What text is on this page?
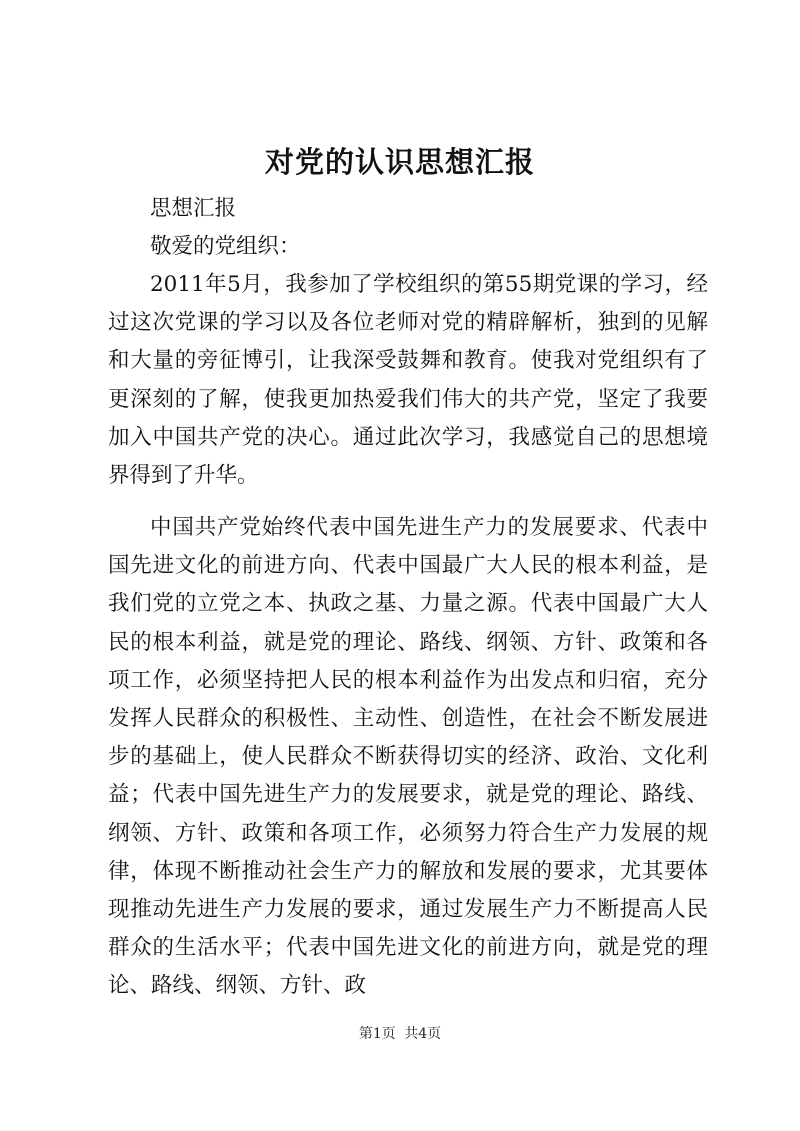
对党的认识思想汇报

思想汇报

敬爱的党组织：

2011年5月，我参加了学校组织的第55期党课的学习，经过这次党课的学习以及各位老师对党的精辟解析，独到的见解和大量的旁征博引，让我深受鼓舞和教育。使我对党组织有了更深刻的了解，使我更加热爱我们伟大的共产党，坚定了我要加入中国共产党的决心。通过此次学习，我感觉自己的思想境界得到了升华。

中国共产党始终代表中国先进生产力的发展要求、代表中国先进文化的前进方向、代表中国最广大人民的根本利益，是我们党的立党之本、执政之基、力量之源。代表中国最广大人民的根本利益，就是党的理论、路线、纲领、方针、政策和各项工作，必须坚持把人民的根本利益作为出发点和归宿，充分发挥人民群众的积极性、主动性、创造性，在社会不断发展进步的基础上，使人民群众不断获得切实的经济、政治、文化利益；代表中国先进生产力的发展要求，就是党的理论、路线、纲领、方针、政策和各项工作，必须努力符合生产力发展的规律，体现不断推动社会生产力的解放和发展的要求，尤其要体现推动先进生产力发展的要求，通过发展生产力不断提高人民群众的生活水平；代表中国先进文化的前进方向，就是党的理论、路线、纲领、方针、政

第1页 共4页
